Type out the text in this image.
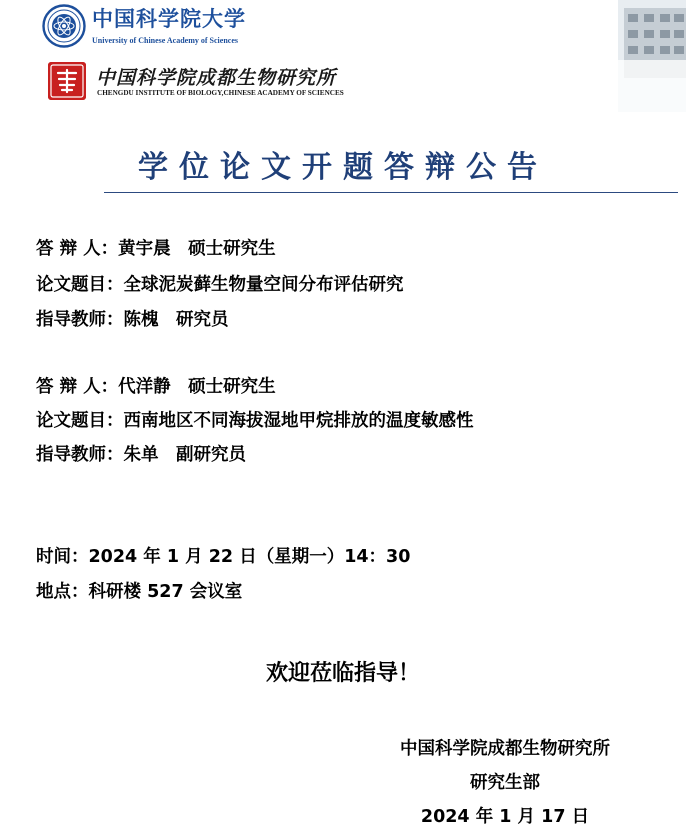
中国科学院大学
University of Chinese Academy of Sciences
中国科学院成都生物研究所
CHENGDU INSTITUTE OF BIOLOGY,CHINESE ACADEMY OF SCIENCES
学位论文开题答辩公告
答 辩 人：黄宇晨　硕士研究生
论文题目：全球泥炭藓生物量空间分布评估研究
指导教师：陈槐　研究员
答 辩 人：代洋静　硕士研究生
论文题目：西南地区不同海拔湿地甲烷排放的温度敏感性
指导教师：朱单　副研究员
时间：2024 年 1 月 22 日（星期一）14：30
地点：科研楼 527 会议室
欢迎莅临指导！
中国科学院成都生物研究所
研究生部
2024 年 1 月 17 日
